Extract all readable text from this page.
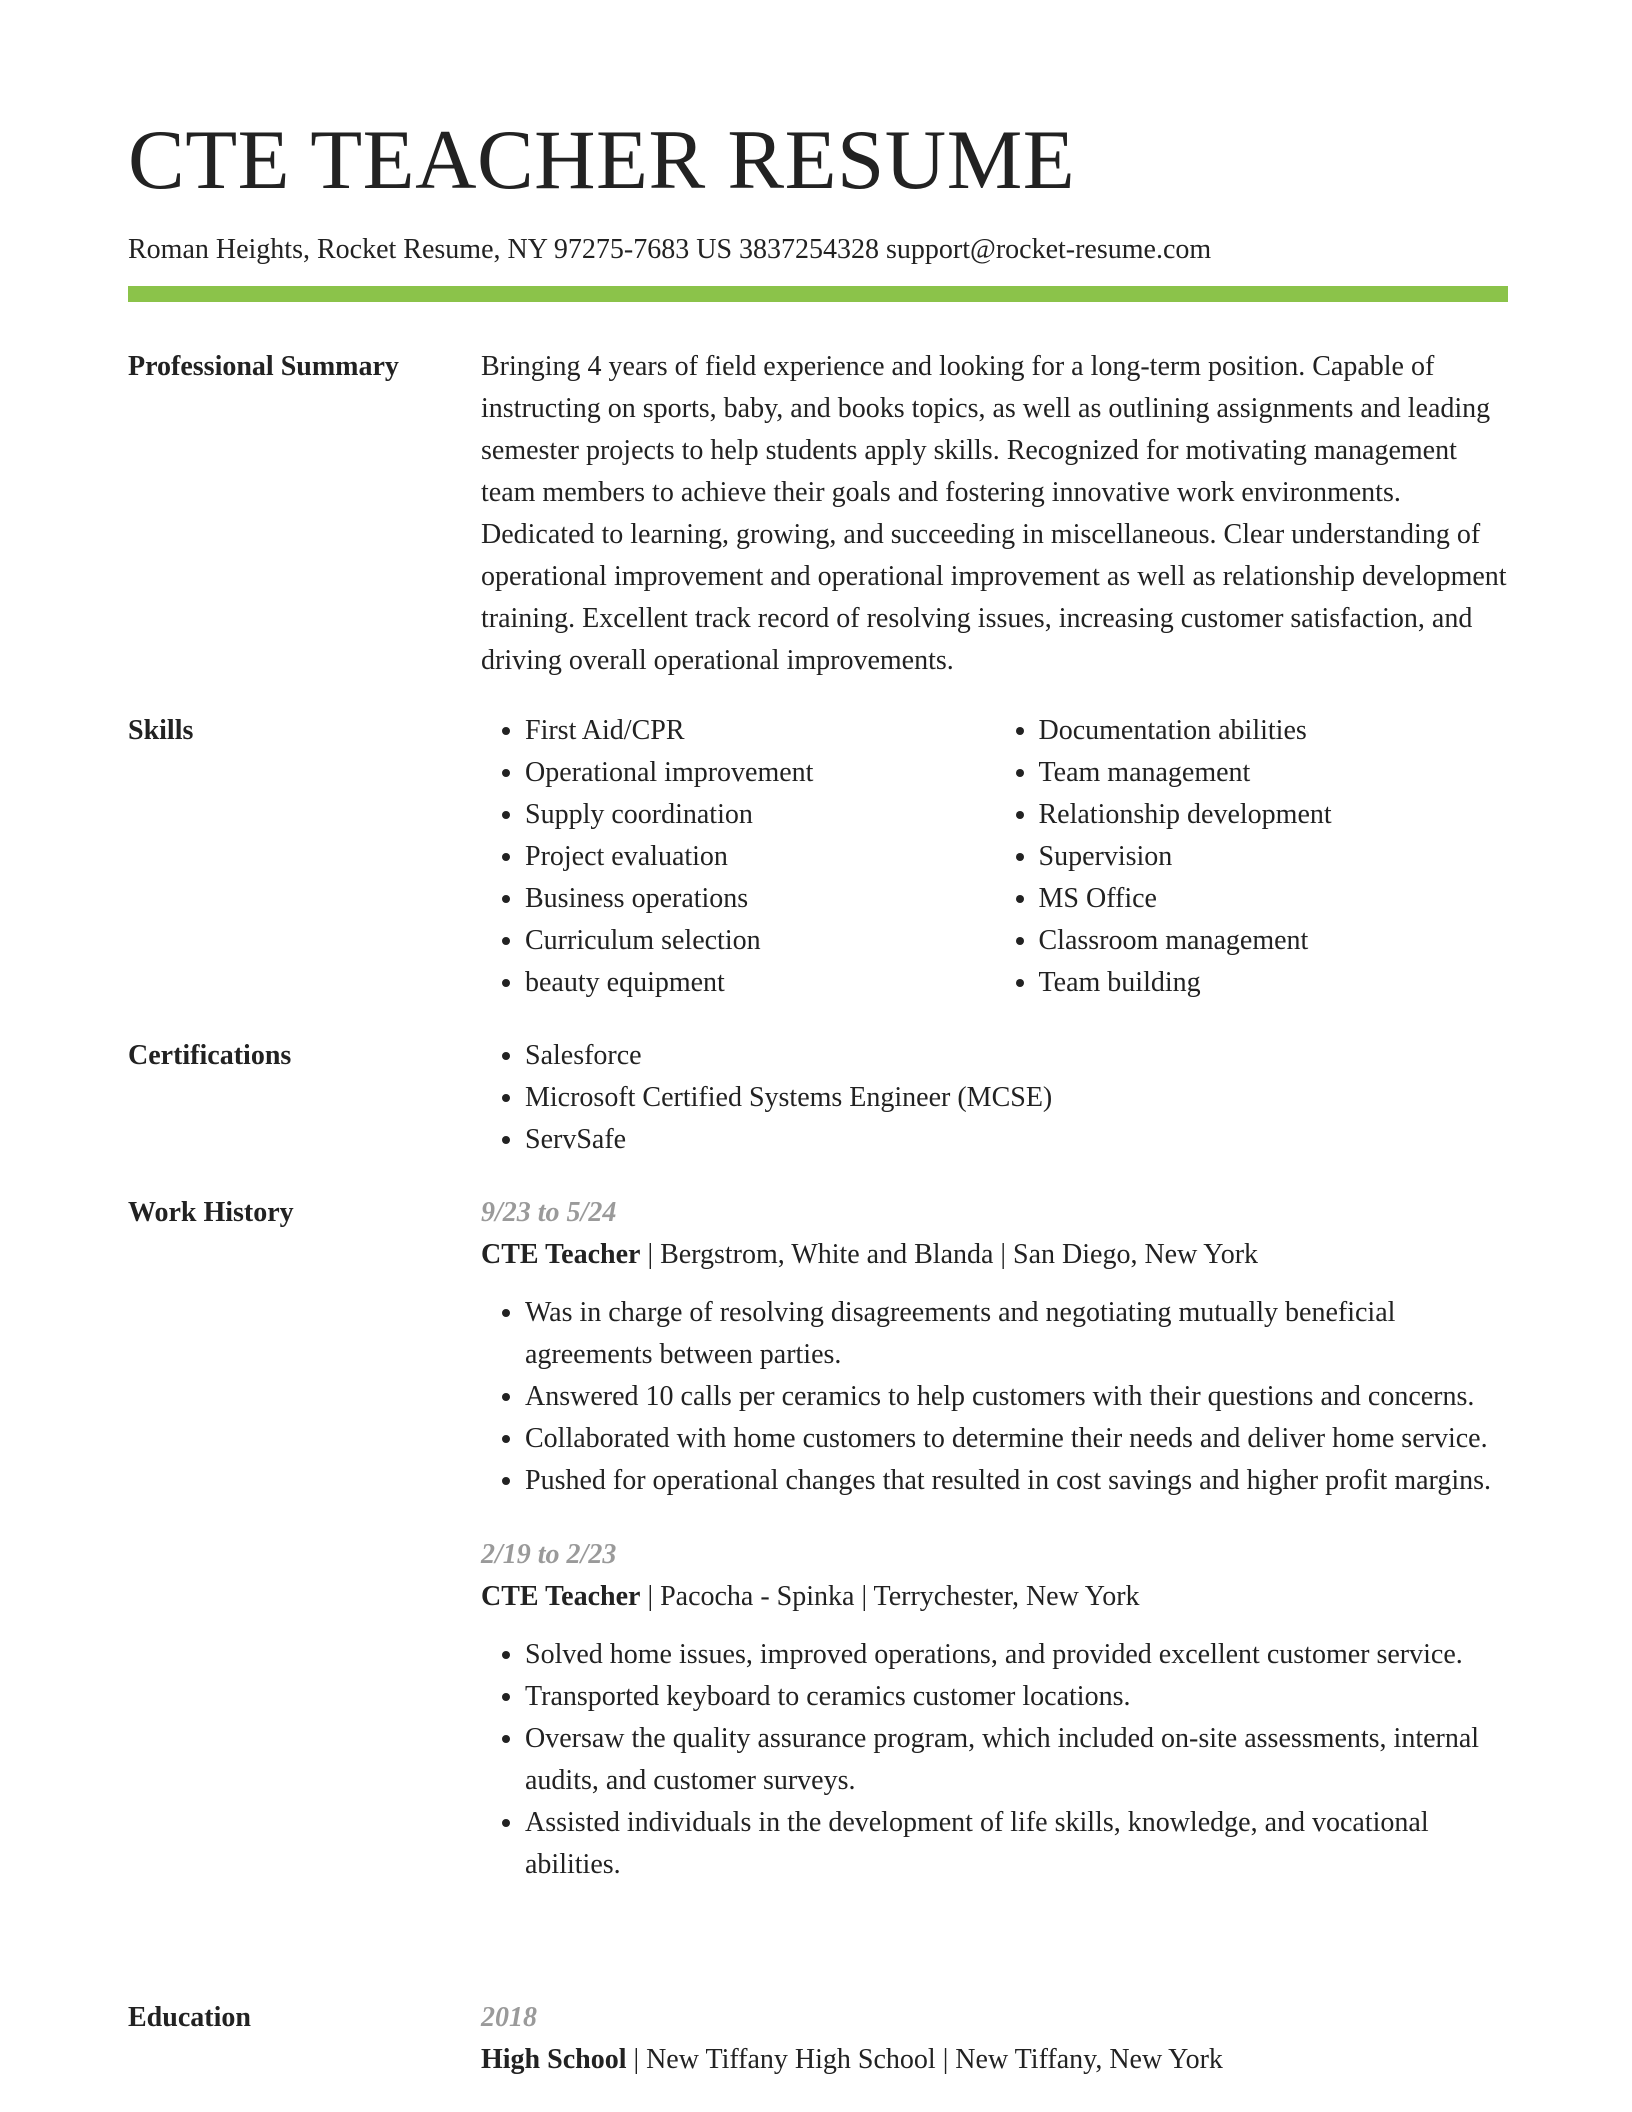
CTE TEACHER RESUME
Roman Heights, Rocket Resume, NY 97275-7683 US 3837254328 support@rocket-resume.com
Professional Summary	Bringing 4 years of field experience and looking for a long-term position. Capable of instructing on sports, baby, and books topics, as well as outlining assignments and leading semester projects to help students apply skills. Recognized for motivating management team members to achieve their goals and fostering innovative work environments. Dedicated to learning, growing, and succeeding in miscellaneous. Clear understanding of operational improvement and operational improvement as well as relationship development training. Excellent track record of resolving issues, increasing customer satisfaction, and driving overall operational improvements.

Skills	• First Aid/CPR
• Operational improvement
• Supply coordination
• Project evaluation
• Business operations
• Curriculum selection
• beauty equipment
• Documentation abilities
• Team management
• Relationship development
• Supervision
• MS Office
• Classroom management
• Team building
Certifications	• Salesforce
• Microsoft Certified Systems Engineer (MCSE)
• ServSafe
Work History	9/23 to 5/24
CTE Teacher | Bergstrom, White and Blanda | San Diego, New York
• Was in charge of resolving disagreements and negotiating mutually beneficial agreements between parties.
• Answered 10 calls per ceramics to help customers with their questions and concerns.
• Collaborated with home customers to determine their needs and deliver home service.
• Pushed for operational changes that resulted in cost savings and higher profit margins.
2/19 to 2/23
CTE Teacher | Pacocha - Spinka | Terrychester, New York
• Solved home issues, improved operations, and provided excellent customer service.
• Transported keyboard to ceramics customer locations.
• Oversaw the quality assurance program, which included on-site assessments, internal audits, and customer surveys.
• Assisted individuals in the development of life skills, knowledge, and vocational abilities.
Education	2018
High School | New Tiffany High School | New Tiffany, New York
